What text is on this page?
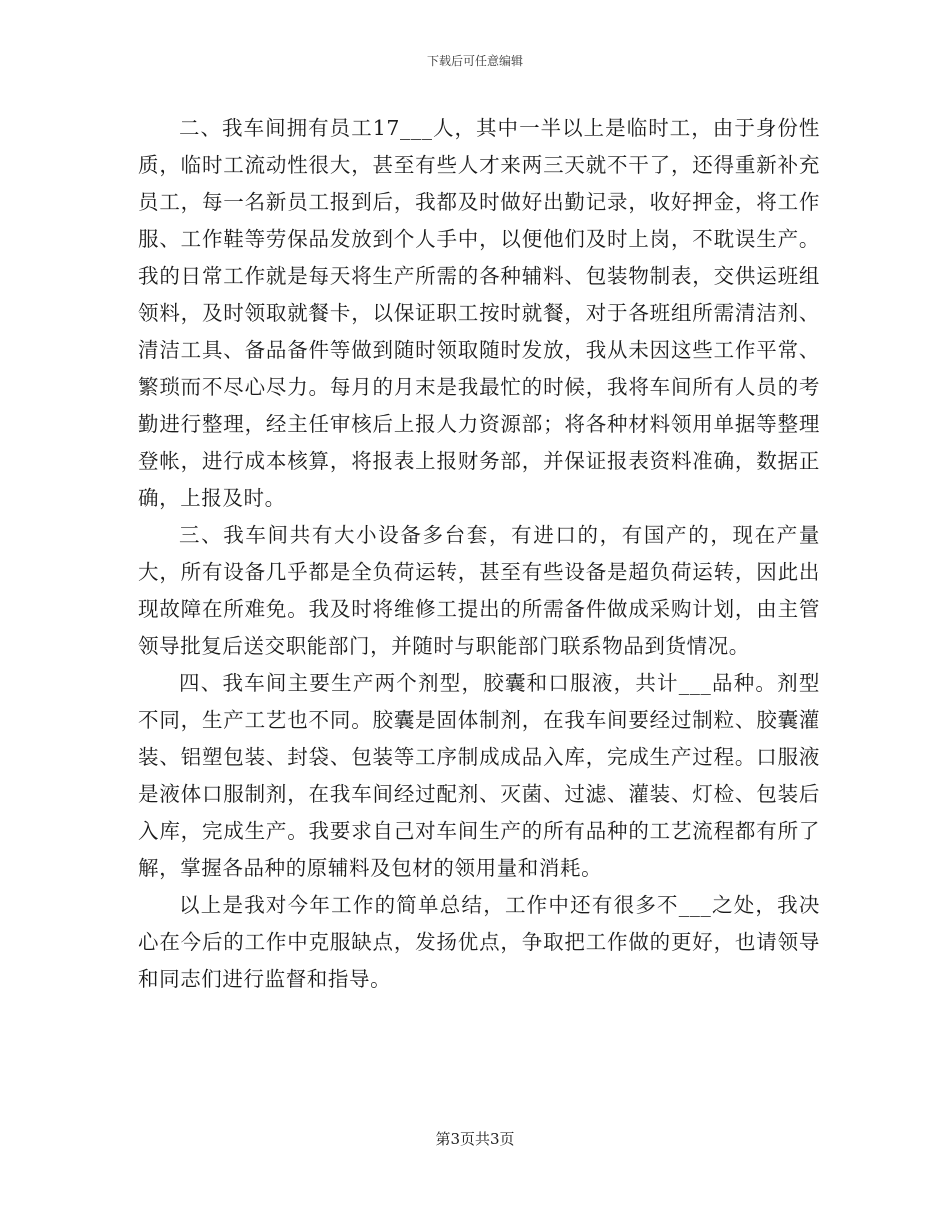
下载后可任意编辑

二、我车间拥有员工17___人，其中一半以上是临时工，由于身份性质，临时工流动性很大，甚至有些人才来两三天就不干了，还得重新补充员工，每一名新员工报到后，我都及时做好出勤记录，收好押金，将工作服、工作鞋等劳保品发放到个人手中，以便他们及时上岗，不耽误生产。我的日常工作就是每天将生产所需的各种辅料、包装物制表，交供运班组领料，及时领取就餐卡，以保证职工按时就餐，对于各班组所需清洁剂、清洁工具、备品备件等做到随时领取随时发放，我从未因这些工作平常、繁琐而不尽心尽力。每月的月末是我最忙的时候，我将车间所有人员的考勤进行整理，经主任审核后上报人力资源部；将各种材料领用单据等整理登帐，进行成本核算，将报表上报财务部，并保证报表资料准确，数据正确，上报及时。

三、我车间共有大小设备多台套，有进口的，有国产的，现在产量大，所有设备几乎都是全负荷运转，甚至有些设备是超负荷运转，因此出现故障在所难免。我及时将维修工提出的所需备件做成采购计划，由主管领导批复后送交职能部门，并随时与职能部门联系物品到货情况。

四、我车间主要生产两个剂型，胶囊和口服液，共计___品种。剂型不同，生产工艺也不同。胶囊是固体制剂，在我车间要经过制粒、胶囊灌装、铝塑包装、封袋、包装等工序制成成品入库，完成生产过程。口服液是液体口服制剂，在我车间经过配剂、灭菌、过滤、灌装、灯检、包装后入库，完成生产。我要求自己对车间生产的所有品种的工艺流程都有所了解，掌握各品种的原辅料及包材的领用量和消耗。

以上是我对今年工作的简单总结，工作中还有很多不___之处，我决心在今后的工作中克服缺点，发扬优点，争取把工作做的更好，也请领导和同志们进行监督和指导。

第3页共3页
